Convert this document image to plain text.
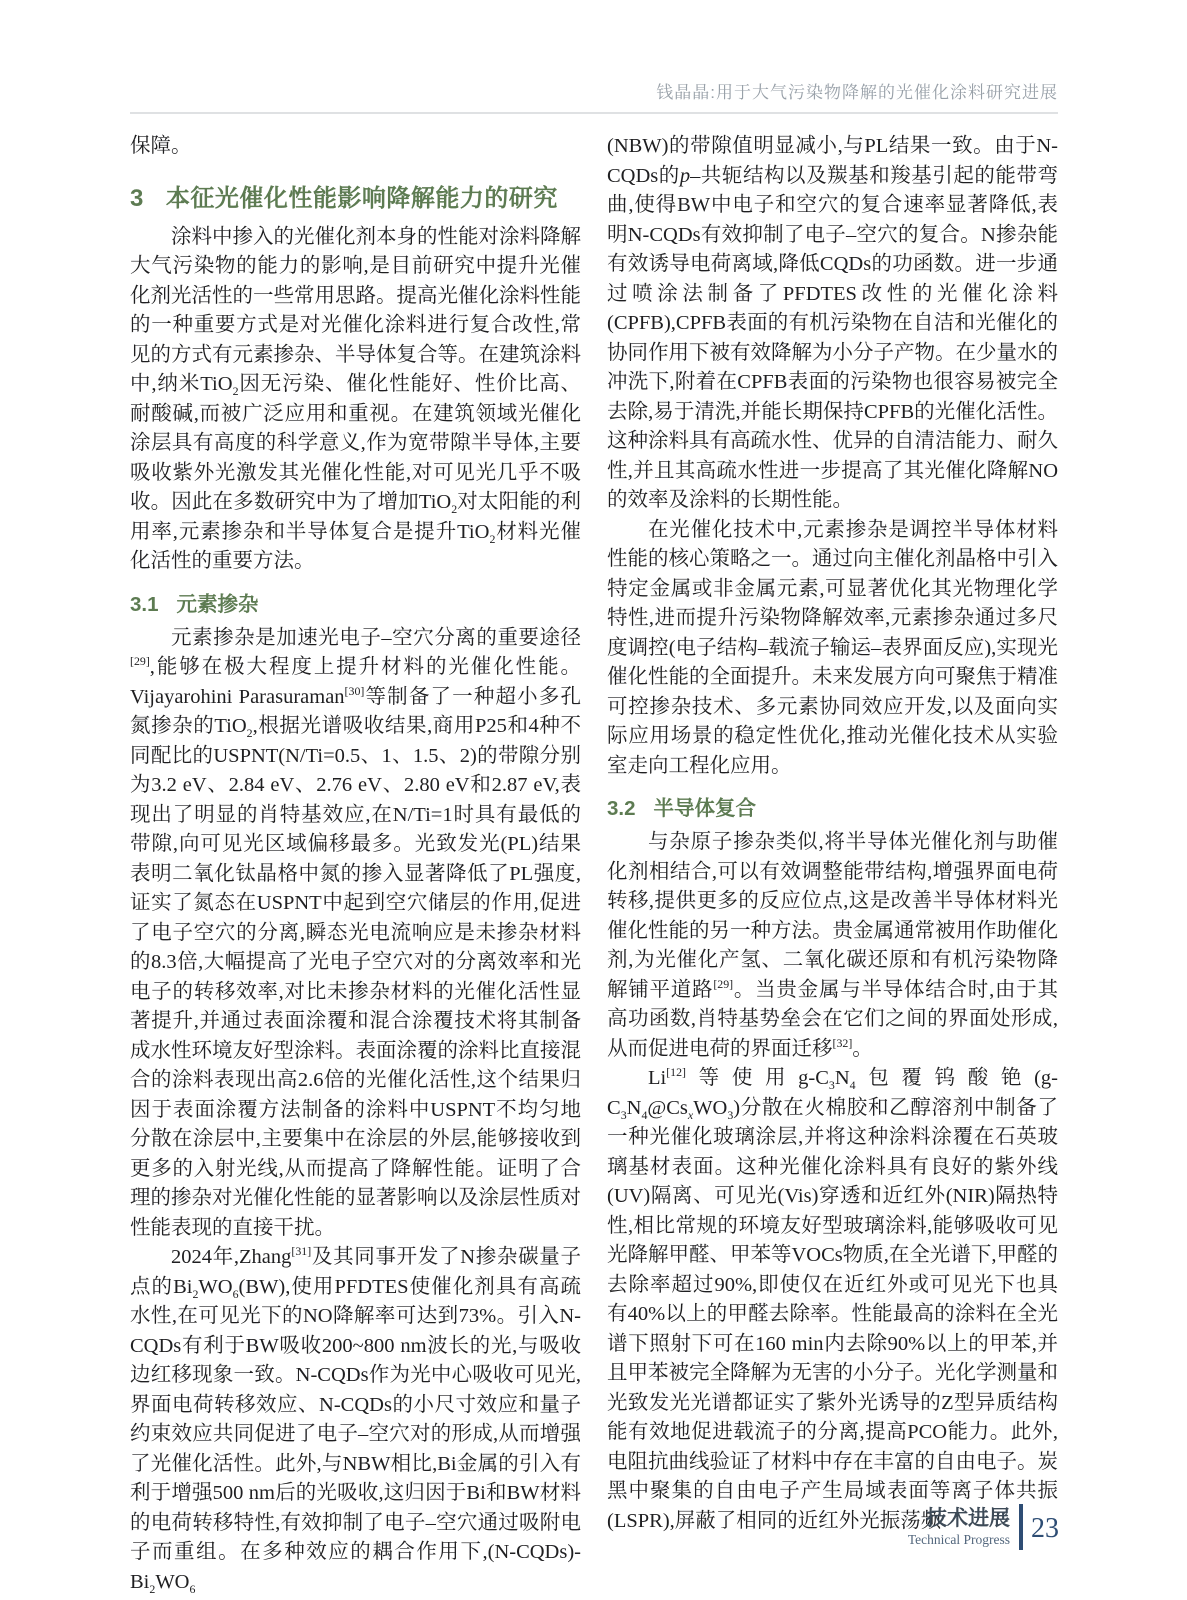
钱晶晶:用于大气污染物降解的光催化涂料研究进展

保障。

3 本征光催化性能影响降解能力的研究

涂料中掺入的光催化剂本身的性能对涂料降解大气污染物的能力的影响,是目前研究中提升光催化剂光活性的一些常用思路。提高光催化涂料性能的一种重要方式是对光催化涂料进行复合改性,常见的方式有元素掺杂、半导体复合等。在建筑涂料中,纳米TiO$_2$因无污染、催化性能好、性价比高、耐酸碱,而被广泛应用和重视。在建筑领域光催化涂层具有高度的科学意义,作为宽带隙半导体,主要吸收紫外光激发其光催化性能,对可见光几乎不吸收。因此在多数研究中为了增加TiO$_2$对太阳能的利用率,元素掺杂和半导体复合是提升TiO$_2$材料光催化活性的重要方法。

3.1 元素掺杂

元素掺杂是加速光电子–空穴分离的重要途径[29],能够在极大程度上提升材料的光催化性能。Vijayarohini Parasuraman[30]等制备了一种超小多孔氮掺杂的TiO$_2$,根据光谱吸收结果,商用P25和4种不同配比的USPNT(N/Ti=0.5、1、1.5、2)的带隙分别为3.2 eV、2.84 eV、2.76 eV、2.80 eV和2.87 eV,表现出了明显的肖特基效应,在N/Ti=1时具有最低的带隙,向可见光区域偏移最多。光致发光(PL)结果表明二氧化钛晶格中氮的掺入显著降低了PL强度,证实了氮态在USPNT中起到空穴储层的作用,促进了电子空穴的分离,瞬态光电流响应是未掺杂材料的8.3倍,大幅提高了光电子空穴对的分离效率和光电子的转移效率,对比未掺杂材料的光催化活性显著提升,并通过表面涂覆和混合涂覆技术将其制备成水性环境友好型涂料。表面涂覆的涂料比直接混合的涂料表现出高2.6倍的光催化活性,这个结果归因于表面涂覆方法制备的涂料中USPNT不均匀地分散在涂层中,主要集中在涂层的外层,能够接收到更多的入射光线,从而提高了降解性能。证明了合理的掺杂对光催化性能的显著影响以及涂层性质对性能表现的直接干扰。

2024年,Zhang[31]及其同事开发了N掺杂碳量子点的$Bi_2WO_6(BW)$,使用PFDTES使催化剂具有高疏水性,在可见光下的NO降解率可达到73%。引入N-CQDs有利于BW吸收200~800 nm波长的光,与吸收边红移现象一致。N-CQDs作为光中心吸收可见光,界面电荷转移效应、N-CQDs的小尺寸效应和量子约束效应共同促进了电子–空穴对的形成,从而增强了光催化活性。此外,与NBW相比,Bi金属的引入有利于增强500 nm后的光吸收,这归因于Bi和BW材料的电荷转移特性,有效抑制了电子–空穴通过吸附电子而重组。在多种效应的耦合作用下$,(N-CQDs)-Bi_2WO_6$

(NBW)的带隙值明显减小,与PL结果一致。由于N-CQDs的p–共轭结构以及羰基和羧基引起的能带弯曲,使得BW中电子和空穴的复合速率显著降低,表明N-CQDs有效抑制了电子–空穴的复合。N掺杂能有效诱导电荷离域,降低CQDs的功函数。进一步通过喷涂法制备了PFDTES改性的光催化涂料(CPFB),CPFB表面的有机污染物在自洁和光催化的协同作用下被有效降解为小分子产物。在少量水的冲洗下,附着在CPFB表面的污染物也很容易被完全去除,易于清洗,并能长期保持CPFB的光催化活性。这种涂料具有高疏水性、优异的自清洁能力、耐久性,并且其高疏水性进一步提高了其光催化降解NO的效率及涂料的长期性能。

在光催化技术中,元素掺杂是调控半导体材料性能的核心策略之一。通过向主催化剂晶格中引入特定金属或非金属元素,可显著优化其光物理化学特性,进而提升污染物降解效率,元素掺杂通过多尺度调控(电子结构–载流子输运–表界面反应),实现光催化性能的全面提升。未来发展方向可聚焦于精准可控掺杂技术、多元素协同效应开发,以及面向实际应用场景的稳定性优化,推动光催化技术从实验室走向工程化应用。

3.2 半导体复合

与杂原子掺杂类似,将半导体光催化剂与助催化剂相结合,可以有效调整能带结构,增强界面电荷转移,提供更多的反应位点,这是改善半导体材料光催化性能的另一种方法。贵金属通常被用作助催化剂,为光催化产氢、二氧化碳还原和有机污染物降解铺平道路[29]。当贵金属与半导体结合时,由于其高功函数,肖特基势垒会在它们之间的界面处形成,从而促进电荷的界面迁移[32]。

Li[12]等使用$g-C_3N_4$包覆钨酸铯$(g-C_3N_4@Cs_xWO_3)$分散在火棉胶和乙醇溶剂中制备了一种光催化玻璃涂层,并将这种涂料涂覆在石英玻璃基材表面。这种光催化涂料具有良好的紫外线(UV)隔离、可见光(Vis)穿透和近红外(NIR)隔热特性,相比常规的环境友好型玻璃涂料,能够吸收可见光降解甲醛、甲苯等VOCs物质,在全光谱下,甲醛的去除率超过90%,即使仅在近红外或可见光下也具有40%以上的甲醛去除率。性能最高的涂料在全光谱下照射下可在160 min内去除90%以上的甲苯,并且甲苯被完全降解为无害的小分子。光化学测量和光致发光光谱都证实了紫外光诱导的Z型异质结构能有效地促进载流子的分离,提高PCO能力。此外,电阻抗曲线验证了材料中存在丰富的自由电子。炭黑中聚集的自由电子产生局域表面等离子体共振(LSPR),屏蔽了相同的近红外光振荡频

技术进展
Technical Progress 23
